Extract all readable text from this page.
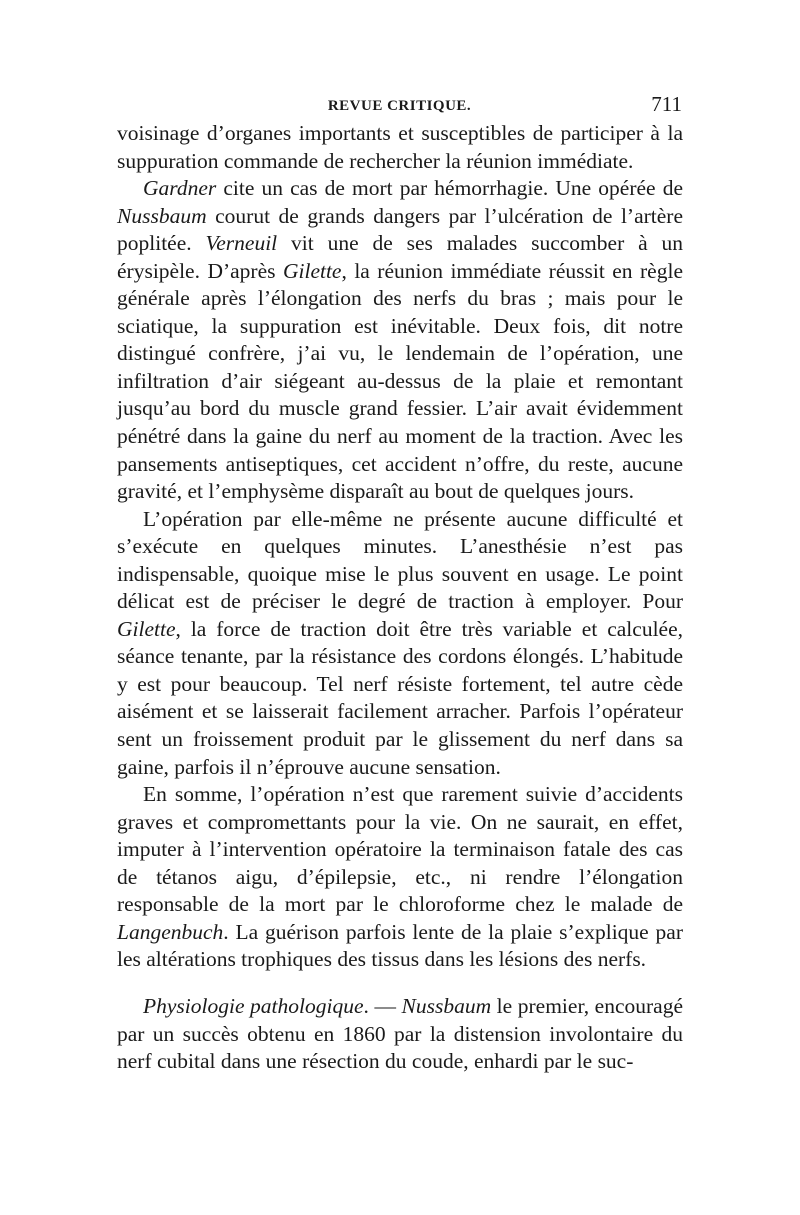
REVUE CRITIQUE.	711

voisinage d’organes importants et susceptibles de participer à la suppuration commande de rechercher la réunion immédiate.

Gardner cite un cas de mort par hémorrhagie. Une opérée de Nussbaum courut de grands dangers par l’ulcération de l’artère poplitée. Verneuil vit une de ses malades succomber à un érysipèle. D’après Gilette, la réunion immédiate réussit en règle générale après l’élongation des nerfs du bras ; mais pour le sciatique, la suppuration est inévitable. Deux fois, dit notre distingué confrère, j’ai vu, le lendemain de l’opération, une infiltration d’air siégeant au-dessus de la plaie et remontant jusqu’au bord du muscle grand fessier. L’air avait évidemment pénétré dans la gaine du nerf au moment de la traction. Avec les pansements antiseptiques, cet accident n’offre, du reste, aucune gravité, et l’emphysème disparaît au bout de quelques jours.

L’opération par elle-même ne présente aucune difficulté et s’exécute en quelques minutes. L’anesthésie n’est pas indispensable, quoique mise le plus souvent en usage. Le point délicat est de préciser le degré de traction à employer. Pour Gilette, la force de traction doit être très variable et calculée, séance tenante, par la résistance des cordons élongés. L’habitude y est pour beaucoup. Tel nerf résiste fortement, tel autre cède aisément et se laisserait facilement arracher. Parfois l’opérateur sent un froissement produit par le glissement du nerf dans sa gaine, parfois il n’éprouve aucune sensation.

En somme, l’opération n’est que rarement suivie d’accidents graves et compromettants pour la vie. On ne saurait, en effet, imputer à l’intervention opératoire la terminaison fatale des cas de tétanos aigu, d’épilepsie, etc., ni rendre l’élongation responsable de la mort par le chloroforme chez le malade de Langenbuch. La guérison parfois lente de la plaie s’explique par les altérations trophiques des tissus dans les lésions des nerfs.

Physiologie pathologique. — Nussbaum le premier, encouragé par un succès obtenu en 1860 par la distension involontaire du nerf cubital dans une résection du coude, enhardi par le suc-
